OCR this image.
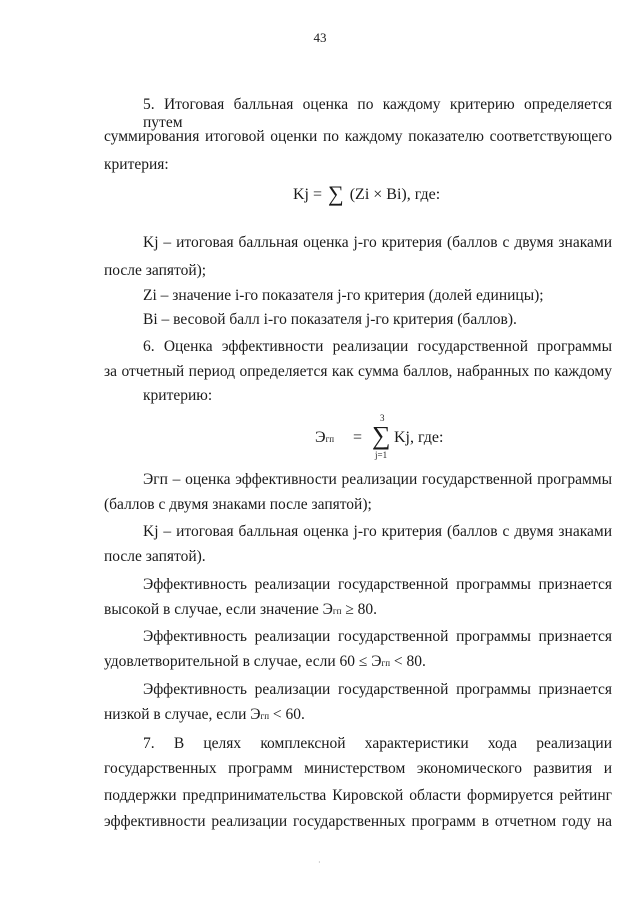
43
5. Итоговая балльная оценка по каждому критерию определяется путем
суммирования итоговой оценки по каждому показателю соответствующего
критерия:
Kj = ∑ (Zi × Bi), где:
Kj – итоговая балльная оценка j-го критерия (баллов с двумя знаками
после запятой);
Zi – значение i-го показателя j-го критерия (долей единицы);
Bi – весовой балл i-го показателя j-го критерия (баллов).
6. Оценка эффективности реализации государственной программы
за отчетный период определяется как сумма баллов, набранных по каждому
критерию:
Эгп =
3
∑
j=1
Kj, где:
Эгп – оценка эффективности реализации государственной программы
(баллов с двумя знаками после запятой);
Kj – итоговая балльная оценка j-го критерия (баллов с двумя знаками
после запятой).
Эффективность реализации государственной программы признается
высокой в случае, если значение Эгп ≥ 80.
Эффективность реализации государственной программы признается
удовлетворительной в случае, если 60 ≤ Эгп < 80.
Эффективность реализации государственной программы признается
низкой в случае, если Эгп < 60.
7. В целях комплексной характеристики хода реализации
государственных программ министерством экономического развития и
поддержки предпринимательства Кировской области формируется рейтинг
эффективности реализации государственных программ в отчетном году на
·
